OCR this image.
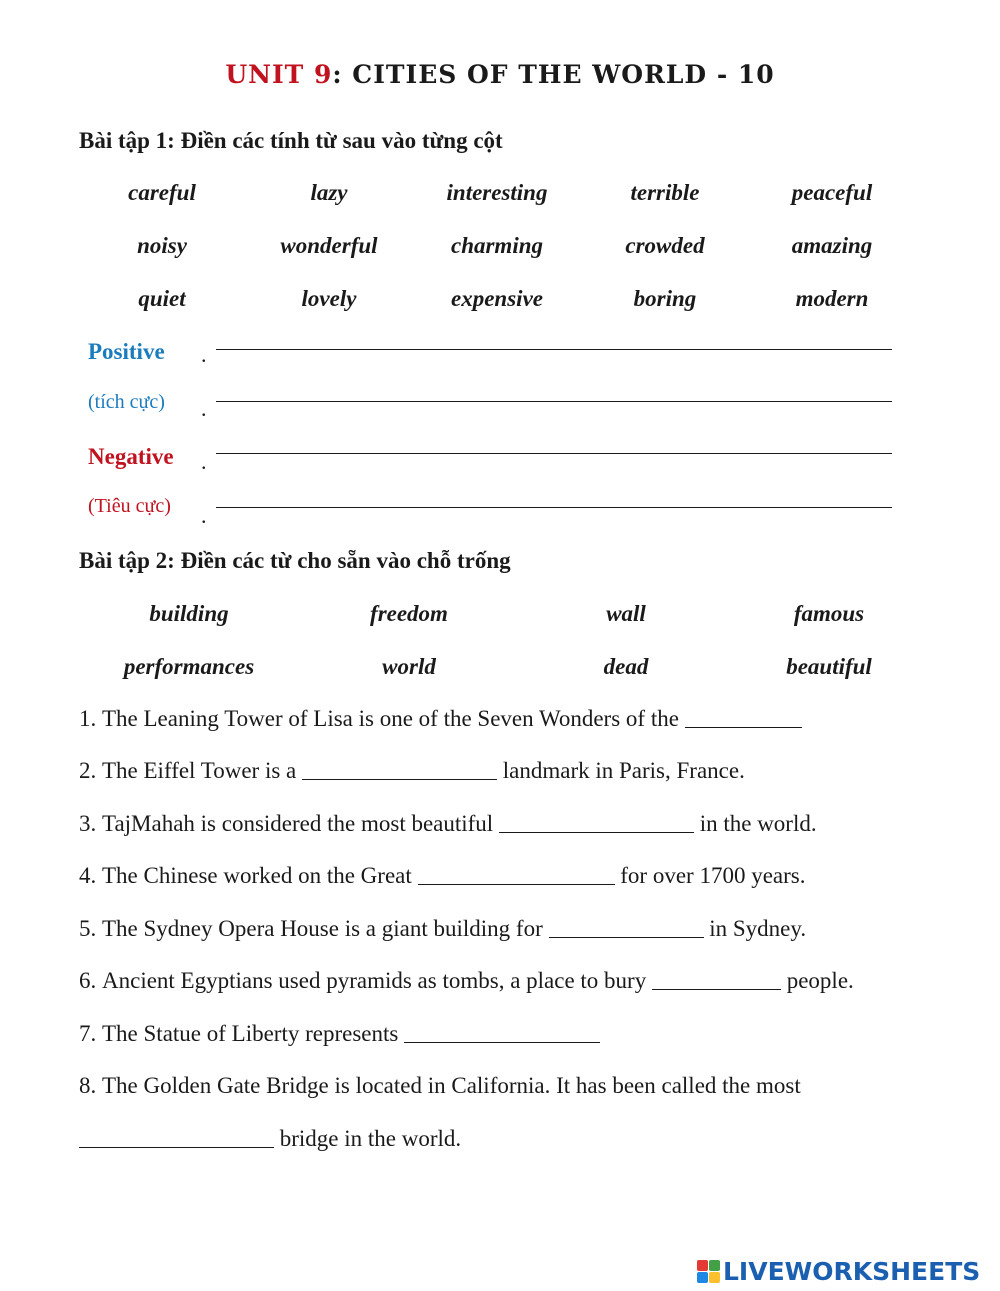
UNIT 9: CITIES OF THE WORLD - 10
Bài tập 1: Điền các tính từ sau vào từng cột
careful	lazy	interesting	terrible	peaceful
noisy	wonderful	charming	crowded	amazing
quiet	lovely	expensive	boring	modern
Positive
(tích cực)
Negative
(Tiêu cực)
.
.
.
.
Bài tập 2: Điền các từ cho sẵn vào chỗ trống
building	freedom	wall	famous
performances	world	dead	beautiful
1. The Leaning Tower of Lisa is one of the Seven Wonders of the
2. The Eiffel Tower is a	landmark in Paris, France.
3. TajMahah is considered the most beautiful	in the world.
4. The Chinese worked on the Great	for over 1700 years.
5. The Sydney Opera House is a giant building for	in Sydney.
6. Ancient Egyptians used pyramids as tombs, a place to bury	people.
7. The Statue of Liberty represents
8. The Golden Gate Bridge is located in California. It has been called the most
bridge in the world.
LIVEWORKSHEETS
